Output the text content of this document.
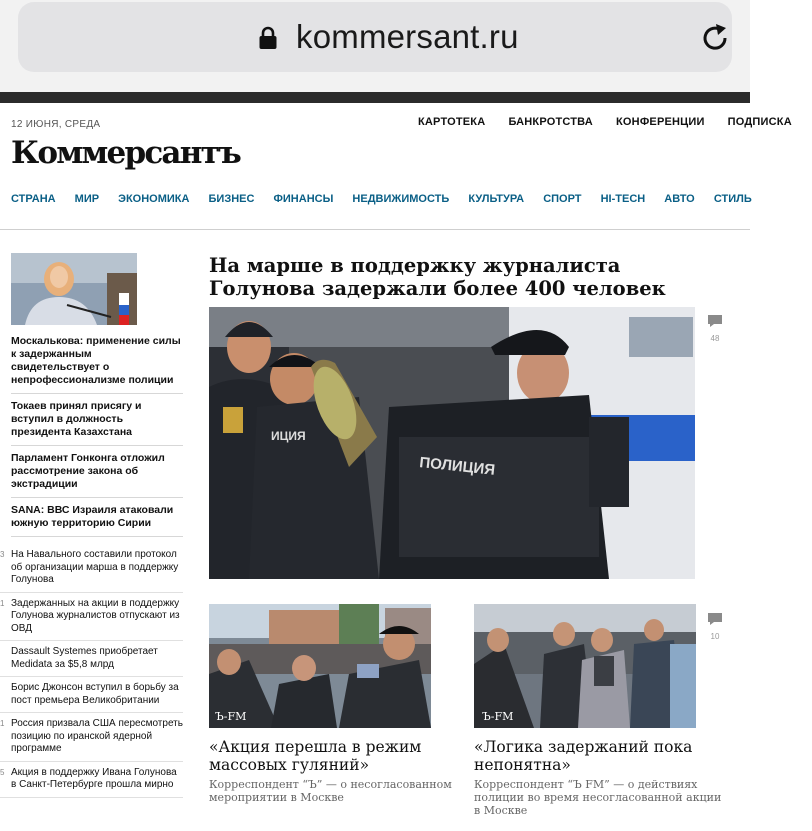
kommersant.ru
12 ИЮНЯ, СРЕДА	КАРТОТЕКА БАНКРОТСТВА КОНФЕРЕНЦИИ ПОДПИСКА
Коммерсантъ
СТРАНА МИР ЭКОНОМИКА БИЗНЕС ФИНАНСЫ НЕДВИЖИМОСТЬ КУЛЬТУРА СПОРТ HI-TECH АВТО СТИЛЬ
Москалькова: применение силы к задержанным свидетельствует о непрофессионализме полиции
Токаев принял присягу и вступил в должность президента Казахстана
Парламент Гонконга отложил рассмотрение закона об экстрадиции
SANA: ВВС Израиля атаковали южную территорию Сирии
3 На Навального составили протокол об организации марша в поддержку Голунова
1 Задержанных на акции в поддержку Голунова журналистов отпускают из ОВД
Dassault Systemes приобретает Medidata за $5,8 млрд
Борис Джонсон вступил в борьбу за пост премьера Великобритании
1 Россия призвала США пересмотреть позицию по иранской ядерной программе
5 Акция в поддержку Ивана Голунова в Санкт-Петербурге прошла мирно
На марше в поддержку журналиста Голунова задержали более 400 человек
ИЦИЯ
ПОЛИЦИЯ
48
Ъ-FM
«Акция перешла в режим массовых гуляний»
Корреспондент “Ъ” — о несогласованном мероприятии в Москве
Ъ-FM
10
«Логика задержаний пока непонятна»
Корреспондент “Ъ FM” — о действиях полиции во время несогласованной акции в Москве
